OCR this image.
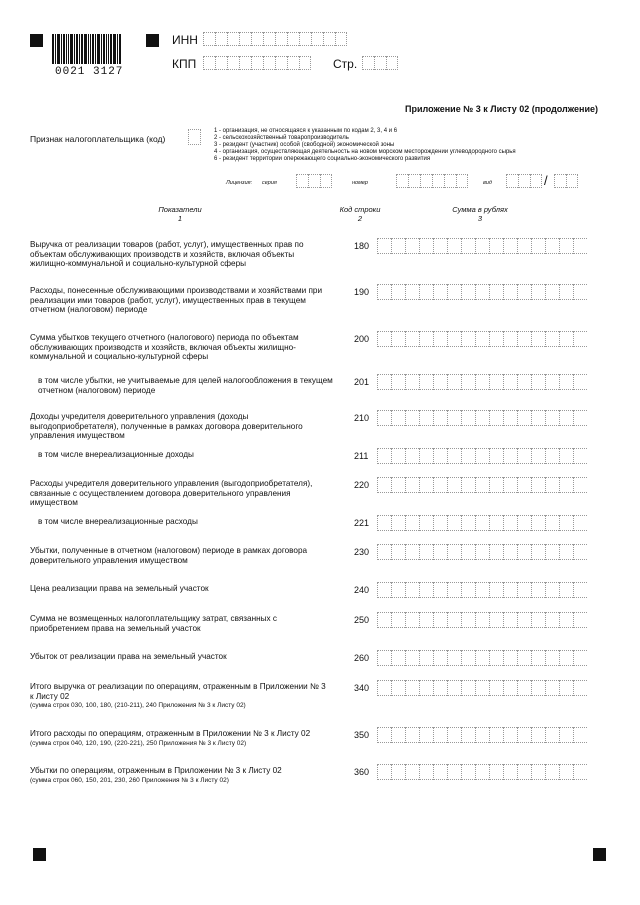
0021 3127
ИНН
КПП	Стр.
Приложение № 3 к Листу 02 (продолжение)
Признак налогоплательщика (код)
1 - организация, не относящаяся к указанным по кодам 2, 3, 4 и 6
2 - сельскохозяйственный товаропроизводитель
3 - резидент (участник) особой (свободной) экономической зоны
4 - организация, осуществляющая деятельность на новом морском месторождении углеводородного сырья
6 - резидент территории опережающего социально-экономического развития
Лицензия: серия	номер	вид	/
Показатели
1
Код строки
2
Сумма в рублях
3
Выручка от реализации товаров (работ, услуг), имущественных прав по объектам обслуживающих производств и хозяйств, включая объекты жилищно-коммунальной и социально-культурной сферы
180
Расходы, понесенные обслуживающими производствами и хозяйствами при реализации ими товаров (работ, услуг), имущественных прав в текущем отчетном (налоговом) периоде
190
Сумма убытков текущего отчетного (налогового) периода по объектам обслуживающих производств и хозяйств, включая объекты жилищно-коммунальной и социально-культурной сферы
200
в том числе убытки, не учитываемые для целей налогообложения в текущем отчетном (налоговом) периоде
201
Доходы учредителя доверительного управления (доходы выгодоприобретателя), полученные в рамках договора доверительного управления имуществом
210
в том числе внереализационные доходы	211
Расходы учредителя доверительного управления (выгодоприобретателя), связанные с осуществлением договора доверительного управления имуществом
220
в том числе внереализационные расходы	221
Убытки, полученные в отчетном (налоговом) периоде в рамках договора доверительного управления имуществом
230
Цена реализации права на земельный участок	240
Сумма не возмещенных налогоплательщику затрат, связанных с приобретением права на земельный участок
250
Убыток от реализации права на земельный участок	260
Итого выручка от реализации по операциям, отраженным в Приложении № 3 к Листу 02
(сумма строк 030, 100, 180, (210-211), 240 Приложения № 3 к Листу 02)
340
Итого расходы по операциям, отраженным в Приложении № 3 к Листу 02
(сумма строк 040, 120, 190, (220-221), 250 Приложения № 3 к Листу 02)
350
Убытки по операциям, отраженным в Приложении № 3 к Листу 02
(сумма строк 060, 150, 201, 230, 260 Приложения № 3 к Листу 02)
360
